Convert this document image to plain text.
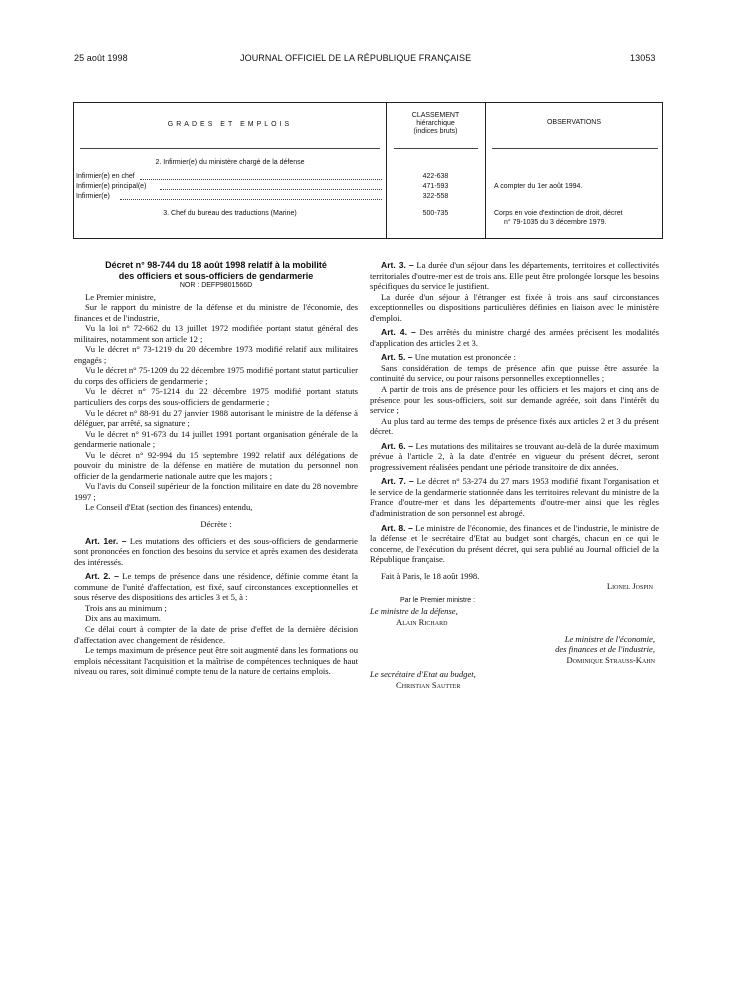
25 août 1998	JOURNAL OFFICIEL DE LA RÉPUBLIQUE FRANÇAISE	13053
GRADES ET EMPLOIS
CLASSEMENT
hiérarchique
(indices bruts)
OBSERVATIONS
2. Infirmier(e) du ministère chargé de la défense
Infirmier(e) en chef	422-638
Infirmier(e) principal(e)	471-593	A compter du 1er août 1994.
Infirmier(e)	322-558
3. Chef du bureau des traductions (Marine)	500-735	Corps en voie d'extinction de droit, décret
n° 79-1035 du 3 décembre 1979.

Décret n° 98-744 du 18 août 1998 relatif à la mobilité
des officiers et sous-officiers de gendarmerie

NOR : DEFP9801566D

Le Premier ministre,

Sur le rapport du ministre de la défense et du ministre de l'économie, des finances et de l'industrie,

Vu la loi n° 72-662 du 13 juillet 1972 modifiée portant statut général des militaires, notamment son article 12 ;

Vu le décret n° 73-1219 du 20 décembre 1973 modifié relatif aux militaires engagés ;

Vu le décret n° 75-1209 du 22 décembre 1975 modifié portant statut particulier du corps des officiers de gendarmerie ;

Vu le décret n° 75-1214 du 22 décembre 1975 modifié portant statuts particuliers des corps des sous-officiers de gendarmerie ;

Vu le décret n° 88-91 du 27 janvier 1988 autorisant le ministre de la défense à déléguer, par arrêté, sa signature ;

Vu le décret n° 91-673 du 14 juillet 1991 portant organisation générale de la gendarmerie nationale ;

Vu le décret n° 92-994 du 15 septembre 1992 relatif aux délégations de pouvoir du ministre de la défense en matière de mutation du personnel non officier de la gendarmerie nationale autre que les majors ;

Vu l'avis du Conseil supérieur de la fonction militaire en date du 28 novembre 1997 ;

Le Conseil d'Etat (section des finances) entendu,

Décrète :

Art. 1er. – Les mutations des officiers et des sous-officiers de gendarmerie sont prononcées en fonction des besoins du service et après examen des desiderata des intéressés.

Art. 2. – Le temps de présence dans une résidence, définie comme étant la commune de l'unité d'affectation, est fixé, sauf circonstances exceptionnelles et sous réserve des dispositions des articles 3 et 5, à :

Trois ans au minimum ;

Dix ans au maximum.

Ce délai court à compter de la date de prise d'effet de la dernière décision d'affectation avec changement de résidence.

Le temps maximum de présence peut être soit augmenté dans les formations ou emplois nécessitant l'acquisition et la maîtrise de compétences techniques de haut niveau ou rares, soit diminué compte tenu de la nature de certains emplois.

Art. 3. – La durée d'un séjour dans les départements, territoires et collectivités territoriales d'outre-mer est de trois ans. Elle peut être prolongée lorsque les besoins spécifiques du service le justifient.

La durée d'un séjour à l'étranger est fixée à trois ans sauf circonstances exceptionnelles ou dispositions particulières définies en liaison avec le ministère d'emploi.

Art. 4. – Des arrêtés du ministre chargé des armées précisent les modalités d'application des articles 2 et 3.

Art. 5. – Une mutation est prononcée :

Sans considération de temps de présence afin que puisse être assurée la continuité du service, ou pour raisons personnelles exceptionnelles ;

A partir de trois ans de présence pour les officiers et les majors et cinq ans de présence pour les sous-officiers, soit sur demande agréée, soit dans l'intérêt du service ;

Au plus tard au terme des temps de présence fixés aux articles 2 et 3 du présent décret.

Art. 6. – Les mutations des militaires se trouvant au-delà de la durée maximum prévue à l'article 2, à la date d'entrée en vigueur du présent décret, seront progressivement réalisées pendant une période transitoire de dix années.

Art. 7. – Le décret n° 53-274 du 27 mars 1953 modifié fixant l'organisation et le service de la gendarmerie stationnée dans les territoires relevant du ministre de la France d'outre-mer et dans les départements d'outre-mer ainsi que les règles d'administration de son personnel est abrogé.

Art. 8. – Le ministre de l'économie, des finances et de l'industrie, le ministre de la défense et le secrétaire d'Etat au budget sont chargés, chacun en ce qui le concerne, de l'exécution du présent décret, qui sera publié au Journal officiel de la République française.

Fait à Paris, le 18 août 1998.

Lionel Jospin

Par le Premier ministre :

Le ministre de la défense,

Alain Richard

Le ministre de l'économie,
des finances et de l'industrie,

Dominique Strauss-Kahn

Le secrétaire d'Etat au budget,

Christian Sautter
